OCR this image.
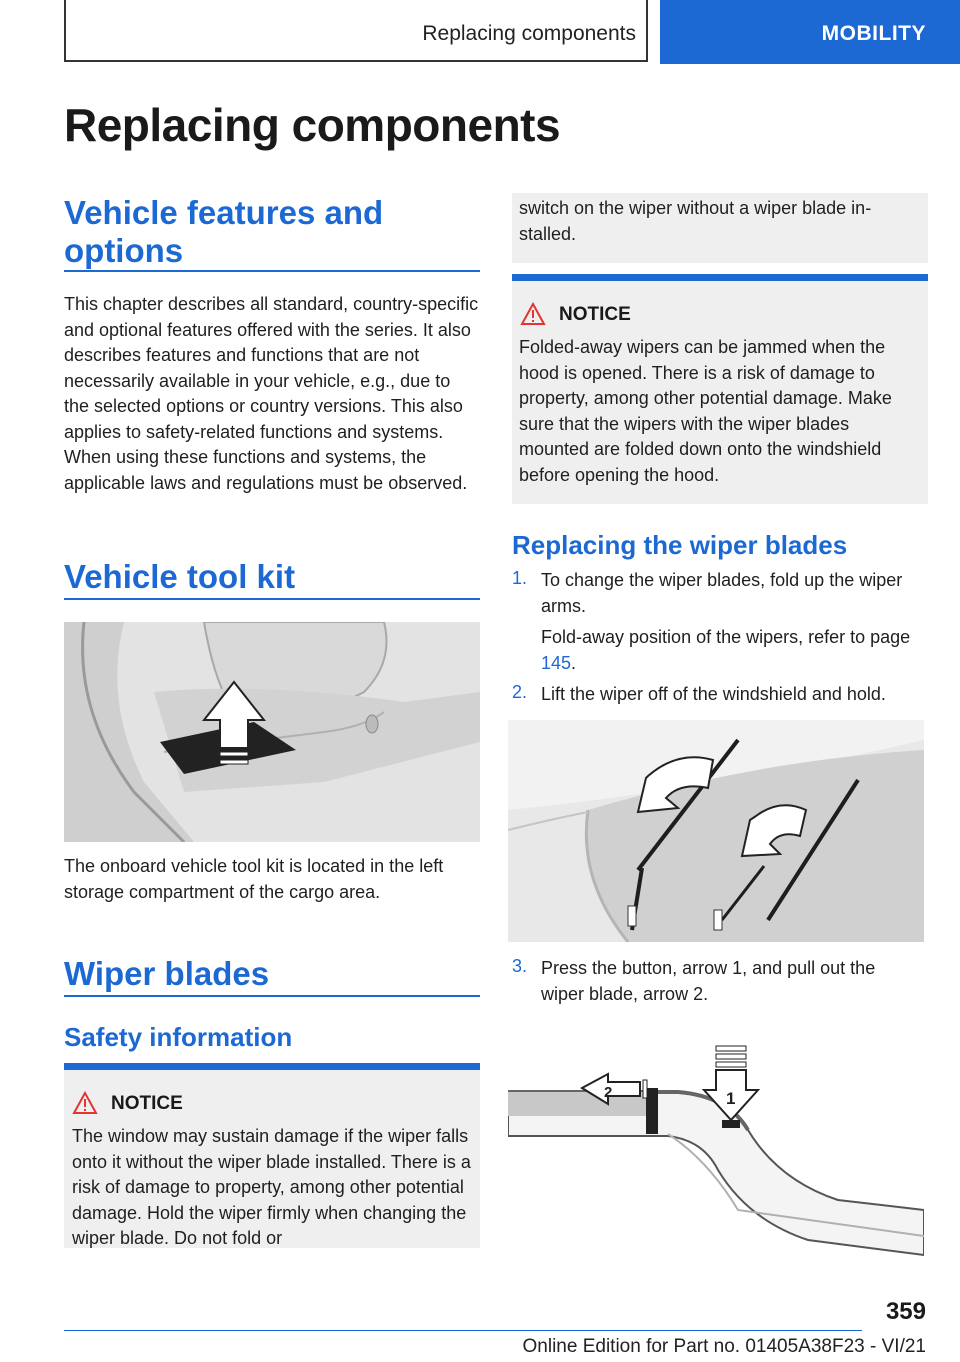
Replacing components	MOBILITY
Replacing components
Vehicle features and options

This chapter describes all standard, country-specific and optional features offered with the series. It also describes features and functions that are not necessarily available in your vehicle, e.g., due to the selected options or country versions. This also applies to safety-related functions and systems. When using these functions and systems, the applicable laws and regulations must be observed.

Vehicle tool kit

The onboard vehicle tool kit is located in the left storage compartment of the cargo area.

Wiper blades
Safety information
NOTICE

The window may sustain damage if the wiper falls onto it without the wiper blade installed. There is a risk of damage to property, among other potential damage. Hold the wiper firmly when changing the wiper blade. Do not fold or

switch on the wiper without a wiper blade installed.

NOTICE

Folded-away wipers can be jammed when the hood is opened. There is a risk of damage to property, among other potential damage. Make sure that the wipers with the wiper blades mounted are folded down onto the windshield before opening the hood.

Replacing the wiper blades
1. To change the wiper blades, fold up the wiper arms.

Fold-away position of the wipers, refer to page 145.

2. Lift the wiper off of the windshield and hold.

3. Press the button, arrow 1, and pull out the wiper blade, arrow 2.

2	1
359
Online Edition for Part no. 01405A38F23 - VI/21
